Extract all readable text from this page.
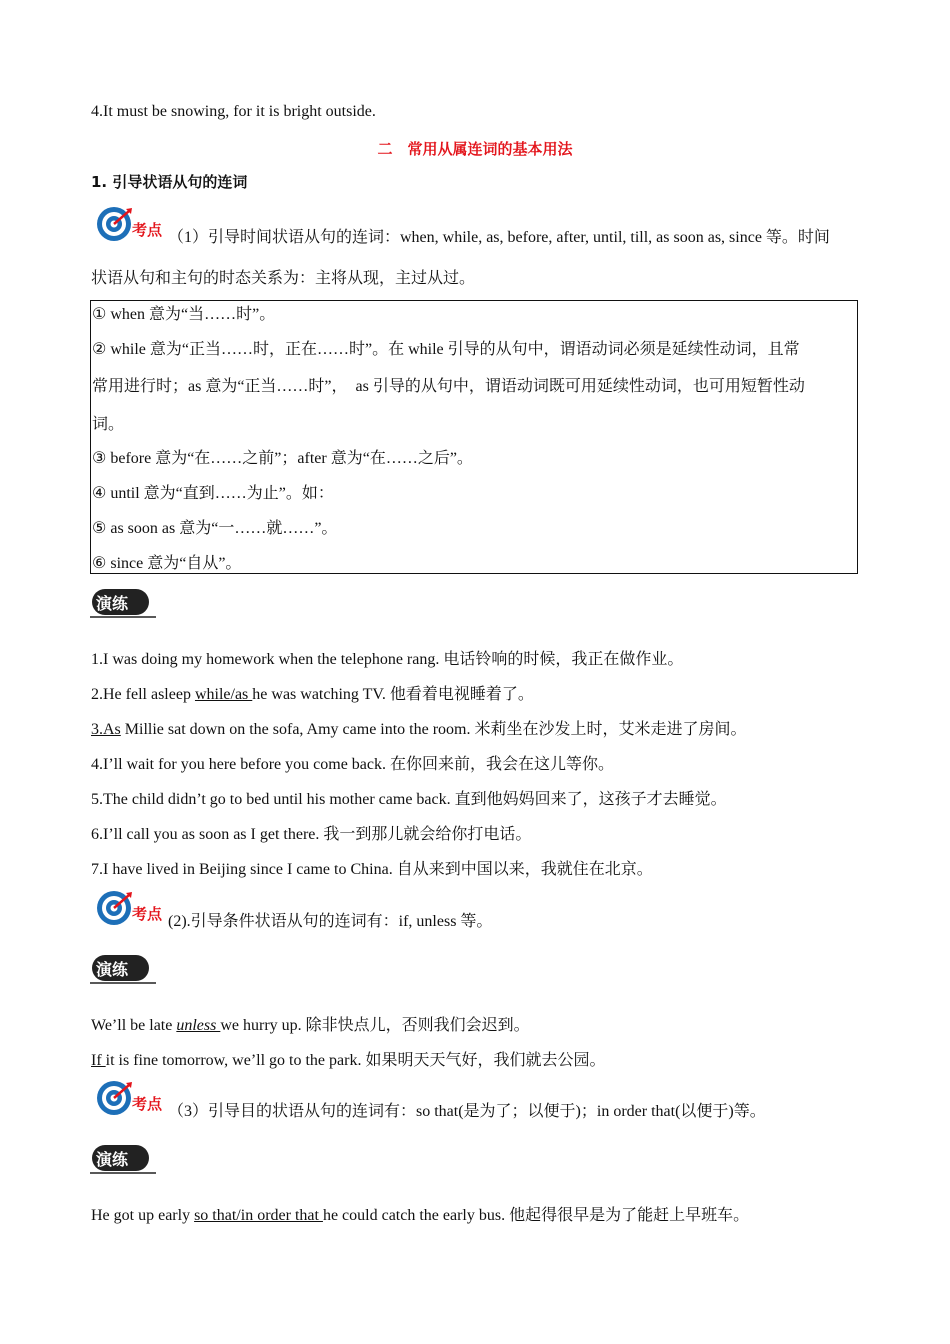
4.It must be snowing, for it is bright outside.
二　常用从属连词的基本用法
1. 引导状语从句的连词
考点 （1）引导时间状语从句的连词：when, while, as, before, after, until, till, as soon as, since 等。时间
状语从句和主句的时态关系为：主将从现，主过从过。
① when 意为“当……时”。
② while 意为“正当……时，正在……时”。在 while 引导的从句中，谓语动词必须是延续性动词，且常
常用进行时；as 意为“正当……时”，　as 引导的从句中，谓语动词既可用延续性动词，也可用短暂性动
词。
③ before 意为“在……之前”；after 意为“在……之后”。
④ until 意为“直到……为止”。如：
⑤ as soon as 意为“一……就……”。
⑥ since 意为“自从”。
演练
1.I was doing my homework when the telephone rang. 电话铃响的时候，我正在做作业。
2.He fell asleep while/as he was watching TV. 他看着电视睡着了。
3.As Millie sat down on the sofa, Amy came into the room. 米莉坐在沙发上时，艾米走进了房间。
4.I’ll wait for you here before you come back. 在你回来前，我会在这儿等你。
5.The child didn’t go to bed until his mother came back. 直到他妈妈回来了，这孩子才去睡觉。
6.I’ll call you as soon as I get there. 我一到那儿就会给你打电话。
7.I have lived in Beijing since I came to China. 自从来到中国以来，我就住在北京。
考点 (2).引导条件状语从句的连词有：if, unless 等。
演练
We’ll be late unless we hurry up. 除非快点儿，否则我们会迟到。
If it is fine tomorrow, we’ll go to the park. 如果明天天气好，我们就去公园。
考点 （3）引导目的状语从句的连词有：so that(是为了；以便于)；in order that(以便于)等。
演练
He got up early so that/in order that he could catch the early bus. 他起得很早是为了能赶上早班车。
